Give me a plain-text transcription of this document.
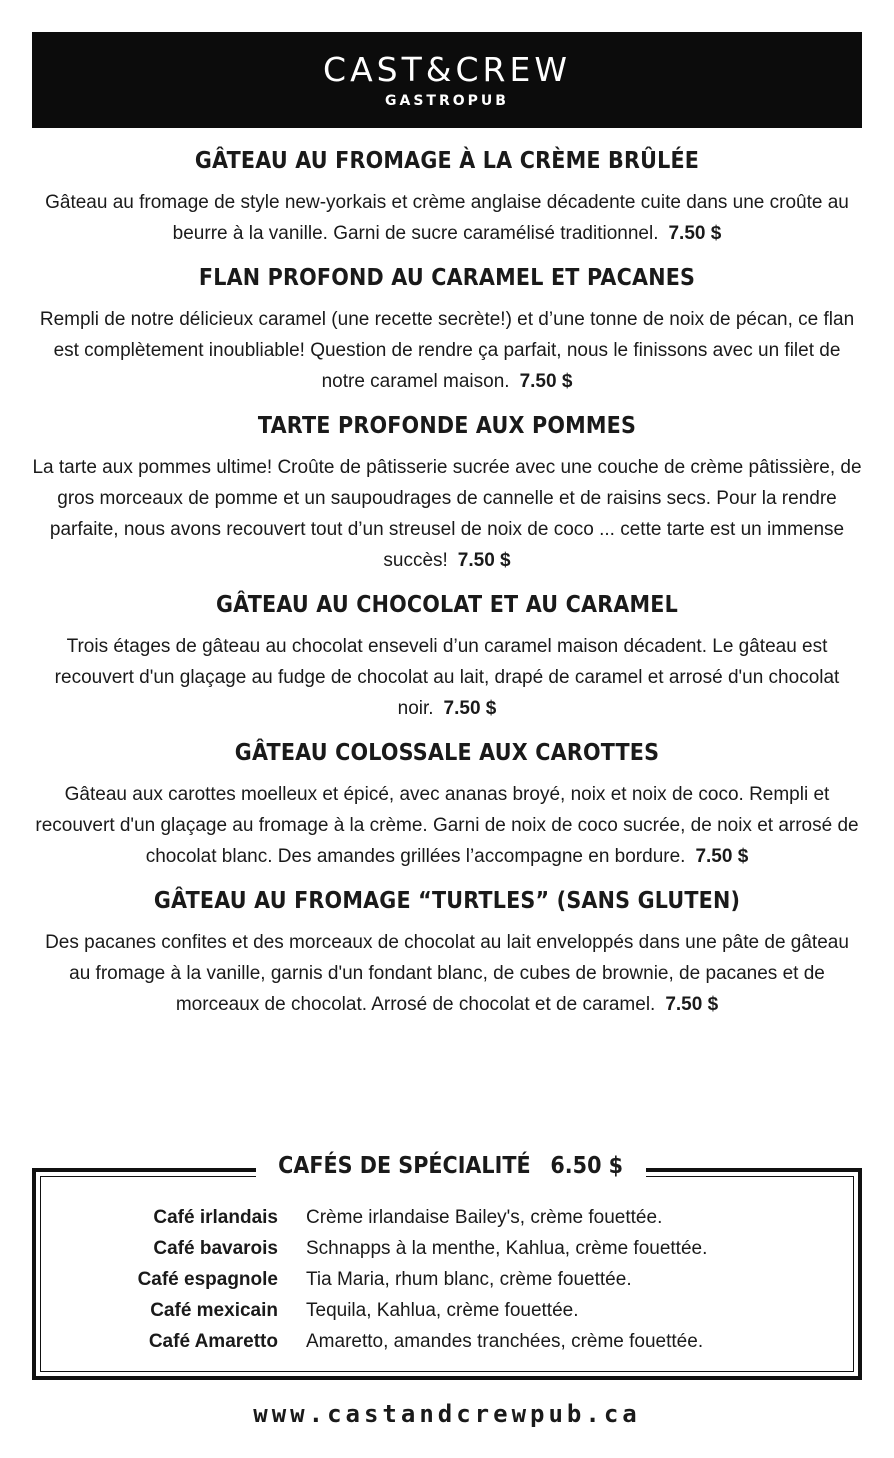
CAST&CREW
GASTROPUB
GÂTEAU AU FROMAGE À LA CRÈME BRÛLÉE
Gâteau au fromage de style new-yorkais et crème anglaise décadente cuite dans une croûte au beurre à la vanille. Garni de sucre caramélisé traditionnel. 7.50 $
FLAN PROFOND AU CARAMEL ET PACANES
Rempli de notre délicieux caramel (une recette secrète!) et d’une tonne de noix de pécan, ce flan est complètement inoubliable! Question de rendre ça parfait, nous le finissons avec un filet de notre caramel maison. 7.50 $
TARTE PROFONDE AUX POMMES
La tarte aux pommes ultime! Croûte de pâtisserie sucrée avec une couche de crème pâtissière, de gros morceaux de pomme et un saupoudrages de cannelle et de raisins secs. Pour la rendre parfaite, nous avons recouvert tout d’un streusel de noix de coco ... cette tarte est un immense succès! 7.50 $
GÂTEAU AU CHOCOLAT ET AU CARAMEL
Trois étages de gâteau au chocolat enseveli d’un caramel maison décadent. Le gâteau est recouvert d'un glaçage au fudge de chocolat au lait, drapé de caramel et arrosé d'un chocolat noir. 7.50 $
GÂTEAU COLOSSALE AUX CAROTTES
Gâteau aux carottes moelleux et épicé, avec ananas broyé, noix et noix de coco. Rempli et recouvert d'un glaçage au fromage à la crème. Garni de noix de coco sucrée, de noix et arrosé de chocolat blanc. Des amandes grillées l’accompagne en bordure. 7.50 $
GÂTEAU AU FROMAGE “TURTLES” (SANS GLUTEN)
Des pacanes confites et des morceaux de chocolat au lait enveloppés dans une pâte de gâteau au fromage à la vanille, garnis d'un fondant blanc, de cubes de brownie, de pacanes et de morceaux de chocolat. Arrosé de chocolat et de caramel. 7.50 $
CAFÉS DE SPÉCIALITÉ 6.50 $
Café irlandais Crème irlandaise Bailey's, crème fouettée.
Café bavarois Schnapps à la menthe, Kahlua, crème fouettée.
Café espagnole Tia Maria, rhum blanc, crème fouettée.
Café mexicain Tequila, Kahlua, crème fouettée.
Café Amaretto Amaretto, amandes tranchées, crème fouettée.
www.castandcrewpub.ca
